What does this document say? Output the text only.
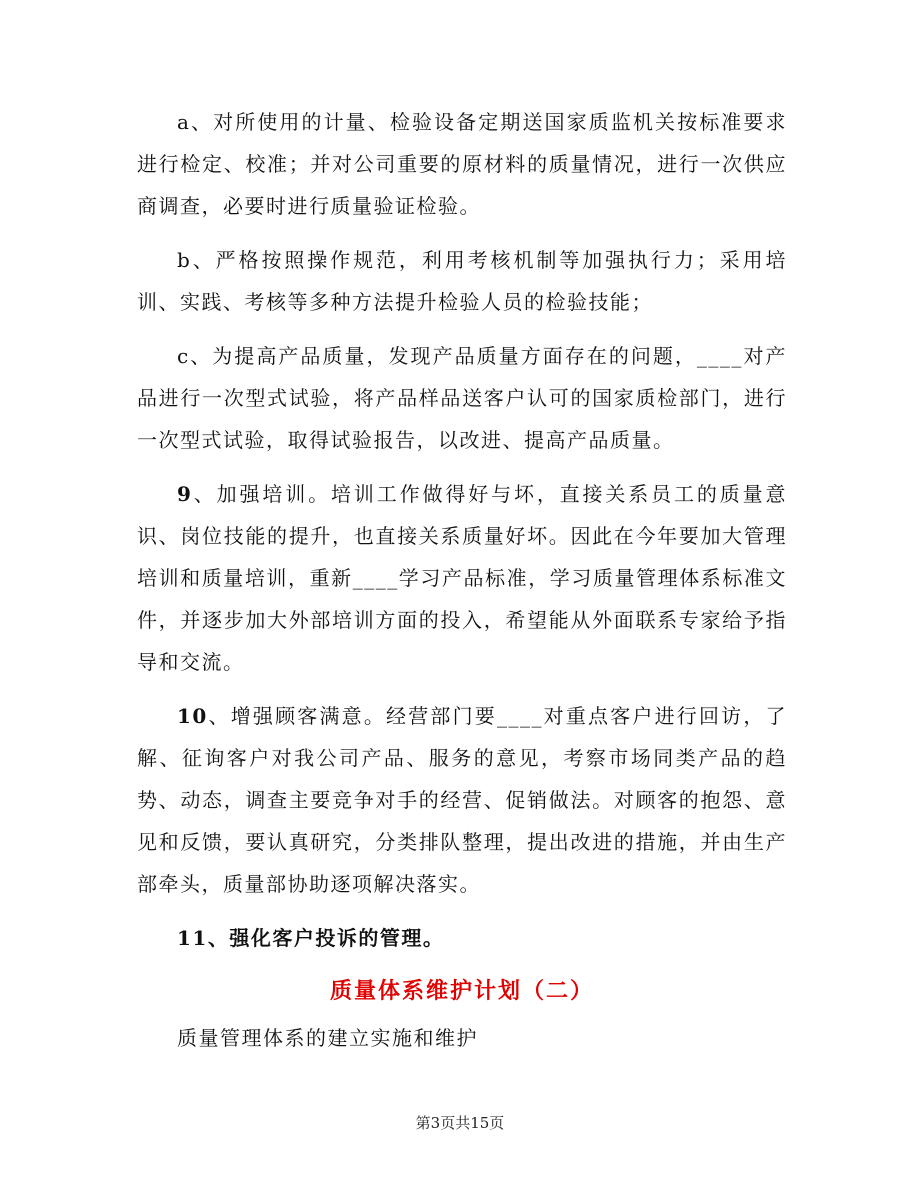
a、对所使用的计量、检验设备定期送国家质监机关按标准要求进行检定、校准；并对公司重要的原材料的质量情况，进行一次供应商调查，必要时进行质量验证检验。

b、严格按照操作规范，利用考核机制等加强执行力；采用培训、实践、考核等多种方法提升检验人员的检验技能；

c、为提高产品质量，发现产品质量方面存在的问题，____对产品进行一次型式试验，将产品样品送客户认可的国家质检部门，进行一次型式试验，取得试验报告，以改进、提高产品质量。

9、加强培训。培训工作做得好与坏，直接关系员工的质量意识、岗位技能的提升，也直接关系质量好坏。因此在今年要加大管理培训和质量培训，重新____学习产品标准，学习质量管理体系标准文件，并逐步加大外部培训方面的投入，希望能从外面联系专家给予指导和交流。

10、增强顾客满意。经营部门要____对重点客户进行回访，了解、征询客户对我公司产品、服务的意见，考察市场同类产品的趋势、动态，调查主要竞争对手的经营、促销做法。对顾客的抱怨、意见和反馈，要认真研究，分类排队整理，提出改进的措施，并由生产部牵头，质量部协助逐项解决落实。

11、强化客户投诉的管理。

质量体系维护计划（二）

质量管理体系的建立实施和维护

第3页共15页
